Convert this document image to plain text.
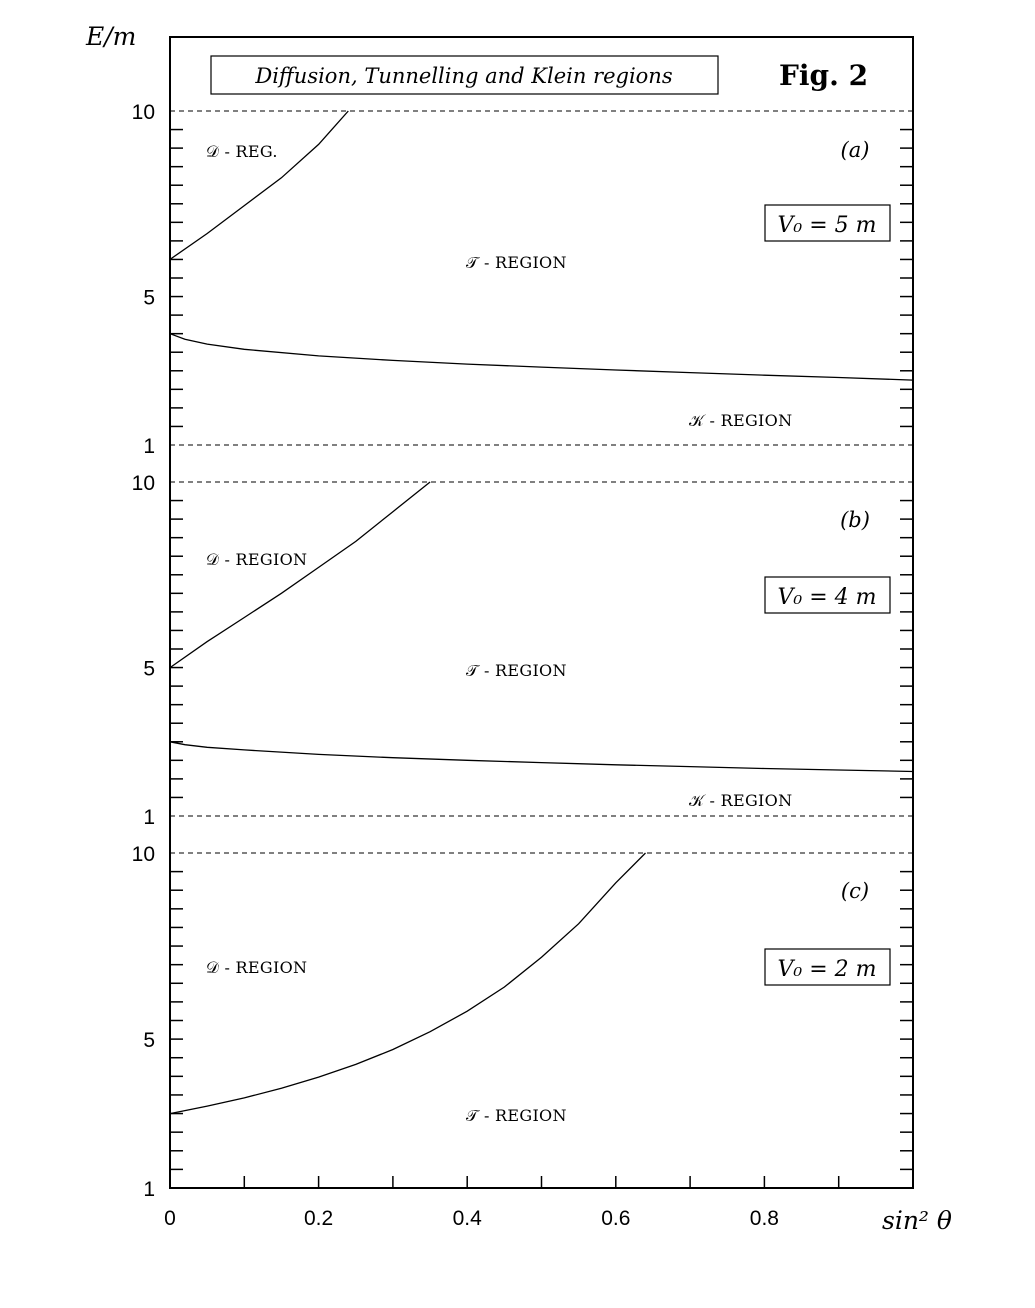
10
5
1
𝒟 - REG.
𝒯 - REGION
𝒦 - REGION
(a)
V₀ = 5 m
10
5
1
𝒟 - REGION
𝒯 - REGION
𝒦 - REGION
(b)
V₀ = 4 m
10
5
1
𝒟 - REGION
𝒯 - REGION
(c)
V₀ = 2 m
0	0.2	0.4	0.6	0.8
E/m
sin² θ
Diffusion, Tunnelling and Klein regions	Fig. 2
